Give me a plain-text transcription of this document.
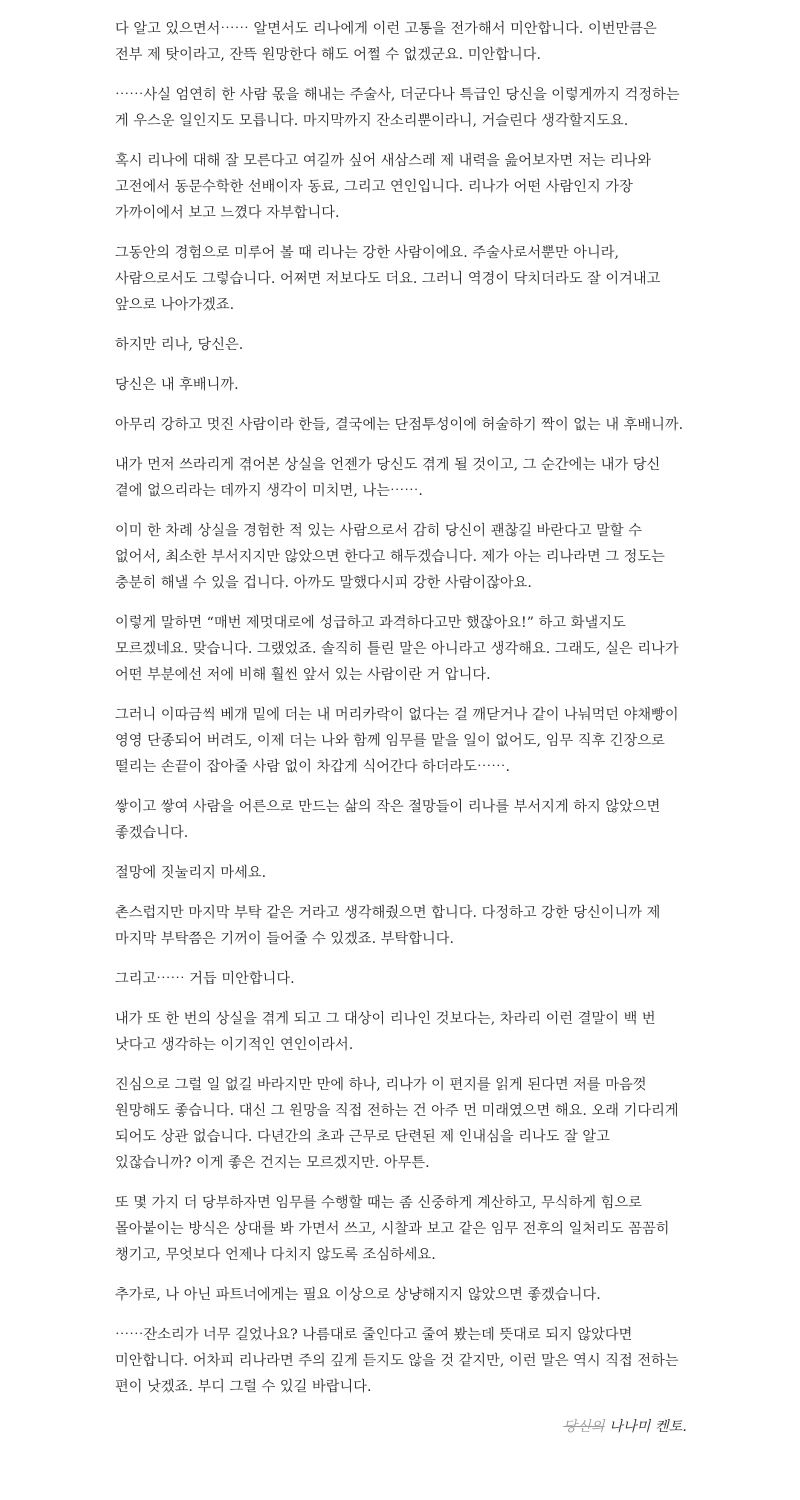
다 알고 있으면서⋯⋯ 알면서도 리나에게 이런 고통을 전가해서 미안합니다. 이번만큼은 전부 제 탓이라고, 잔뜩 원망한다 해도 어쩔 수 없겠군요. 미안합니다.

⋯⋯사실 엄연히 한 사람 몫을 해내는 주술사, 더군다나 특급인 당신을 이렇게까지 걱정하는 게 우스운 일인지도 모릅니다. 마지막까지 잔소리뿐이라니, 거슬린다 생각할지도요.

혹시 리나에 대해 잘 모른다고 여길까 싶어 새삼스레 제 내력을 읊어보자면 저는 리나와 고전에서 동문수학한 선배이자 동료, 그리고 연인입니다. 리나가 어떤 사람인지 가장 가까이에서 보고 느꼈다 자부합니다.

그동안의 경험으로 미루어 볼 때 리나는 강한 사람이에요. 주술사로서뿐만 아니라, 사람으로서도 그렇습니다. 어쩌면 저보다도 더요. 그러니 역경이 닥치더라도 잘 이겨내고 앞으로 나아가겠죠.

하지만 리나, 당신은.

당신은 내 후배니까.

아무리 강하고 멋진 사람이라 한들, 결국에는 단점투성이에 허술하기 짝이 없는 내 후배니까.

내가 먼저 쓰라리게 겪어본 상실을 언젠가 당신도 겪게 될 것이고, 그 순간에는 내가 당신 곁에 없으리라는 데까지 생각이 미치면, 나는⋯⋯.

이미 한 차례 상실을 경험한 적 있는 사람으로서 감히 당신이 괜찮길 바란다고 말할 수 없어서, 최소한 부서지지만 않았으면 한다고 해두겠습니다. 제가 아는 리나라면 그 정도는 충분히 해낼 수 있을 겁니다. 아까도 말했다시피 강한 사람이잖아요.

이렇게 말하면 “매번 제멋대로에 성급하고 과격하다고만 했잖아요!” 하고 화낼지도 모르겠네요. 맞습니다. 그랬었죠. 솔직히 틀린 말은 아니라고 생각해요. 그래도, 실은 리나가 어떤 부분에선 저에 비해 훨씬 앞서 있는 사람이란 거 압니다.

그러니 이따금씩 베개 밑에 더는 내 머리카락이 없다는 걸 깨닫거나 같이 나눠먹던 야채빵이 영영 단종되어 버려도, 이제 더는 나와 함께 임무를 맡을 일이 없어도, 임무 직후 긴장으로 떨리는 손끝이 잡아줄 사람 없이 차갑게 식어간다 하더라도⋯⋯.

쌓이고 쌓여 사람을 어른으로 만드는 삶의 작은 절망들이 리나를 부서지게 하지 않았으면 좋겠습니다.

절망에 짓눌리지 마세요.

촌스럽지만 마지막 부탁 같은 거라고 생각해줬으면 합니다. 다정하고 강한 당신이니까 제 마지막 부탁쯤은 기꺼이 들어줄 수 있겠죠. 부탁합니다.

그리고⋯⋯ 거듭 미안합니다.

내가 또 한 번의 상실을 겪게 되고 그 대상이 리나인 것보다는, 차라리 이런 결말이 백 번 낫다고 생각하는 이기적인 연인이라서.

진심으로 그럴 일 없길 바라지만 만에 하나, 리나가 이 편지를 읽게 된다면 저를 마음껏 원망해도 좋습니다. 대신 그 원망을 직접 전하는 건 아주 먼 미래였으면 해요. 오래 기다리게 되어도 상관 없습니다. 다년간의 초과 근무로 단련된 제 인내심을 리나도 잘 알고 있잖습니까? 이게 좋은 건지는 모르겠지만. 아무튼.

또 몇 가지 더 당부하자면 임무를 수행할 때는 좀 신중하게 계산하고, 무식하게 힘으로 몰아붙이는 방식은 상대를 봐 가면서 쓰고, 시찰과 보고 같은 임무 전후의 일처리도 꼼꼼히 챙기고, 무엇보다 언제나 다치지 않도록 조심하세요.

추가로, 나 아닌 파트너에게는 필요 이상으로 상냥해지지 않았으면 좋겠습니다.

⋯⋯잔소리가 너무 길었나요? 나름대로 줄인다고 줄여 봤는데 뜻대로 되지 않았다면 미안합니다. 어차피 리나라면 주의 깊게 듣지도 않을 것 같지만, 이런 말은 역시 직접 전하는 편이 낫겠죠. 부디 그럴 수 있길 바랍니다.

당신의 나나미 켄토.
